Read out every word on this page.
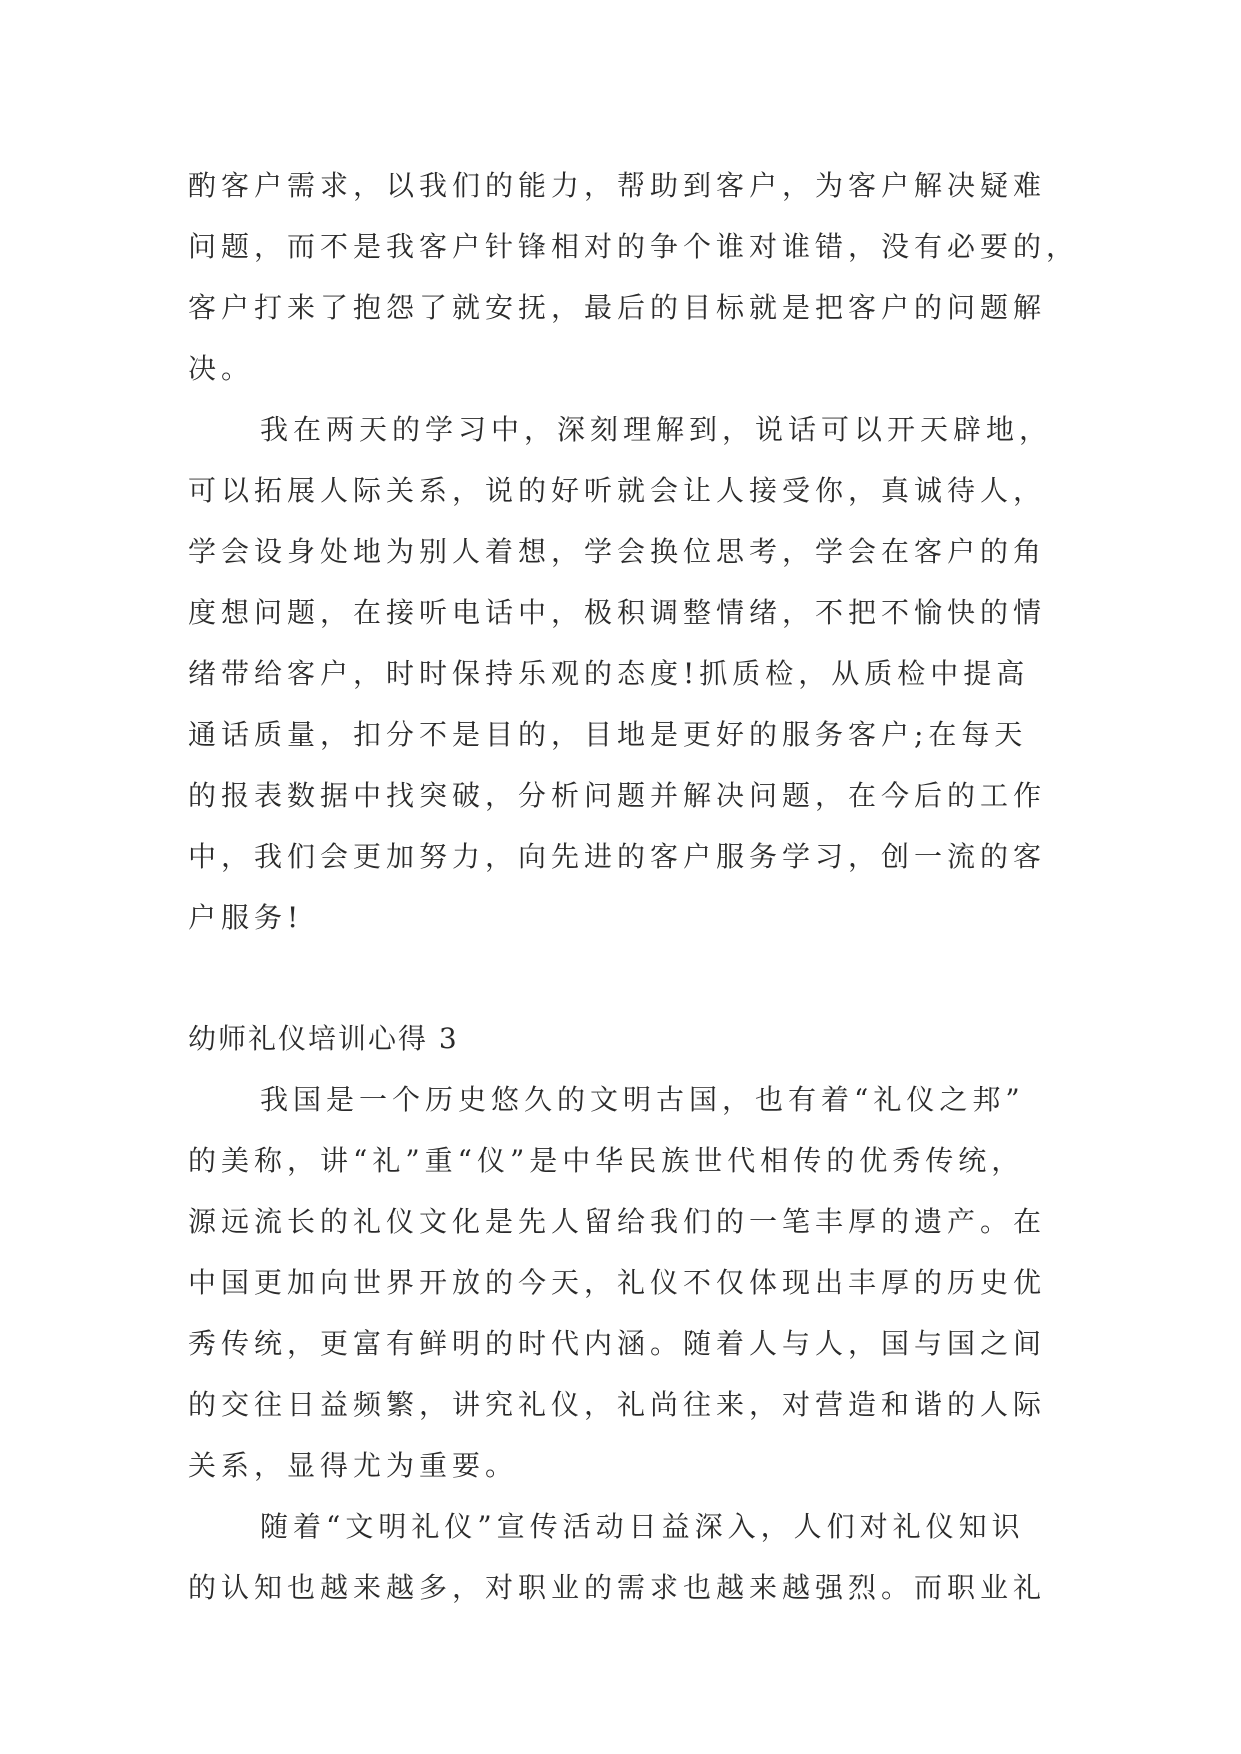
酌客户需求，以我们的能力，帮助到客户，为客户解决疑难
问题，而不是我客户针锋相对的争个谁对谁错，没有必要的，
客户打来了抱怨了就安抚，最后的目标就是把客户的问题解
决。
我在两天的学习中，深刻理解到，说话可以开天辟地，
可以拓展人际关系，说的好听就会让人接受你，真诚待人，
学会设身处地为别人着想，学会换位思考，学会在客户的角
度想问题，在接听电话中，极积调整情绪，不把不愉快的情
绪带给客户，时时保持乐观的态度!抓质检，从质检中提高
通话质量，扣分不是目的，目地是更好的服务客户;在每天
的报表数据中找突破，分析问题并解决问题，在今后的工作
中，我们会更加努力，向先进的客户服务学习，创一流的客
户服务!
幼师礼仪培训心得 3
我国是一个历史悠久的文明古国，也有着“礼仪之邦”
的美称，讲“礼”重“仪”是中华民族世代相传的优秀传统，
源远流长的礼仪文化是先人留给我们的一笔丰厚的遗产。在
中国更加向世界开放的今天，礼仪不仅体现出丰厚的历史优
秀传统，更富有鲜明的时代内涵。随着人与人，国与国之间
的交往日益频繁，讲究礼仪，礼尚往来，对营造和谐的人际
关系，显得尤为重要。
随着“文明礼仪”宣传活动日益深入，人们对礼仪知识
的认知也越来越多，对职业的需求也越来越强烈。而职业礼
